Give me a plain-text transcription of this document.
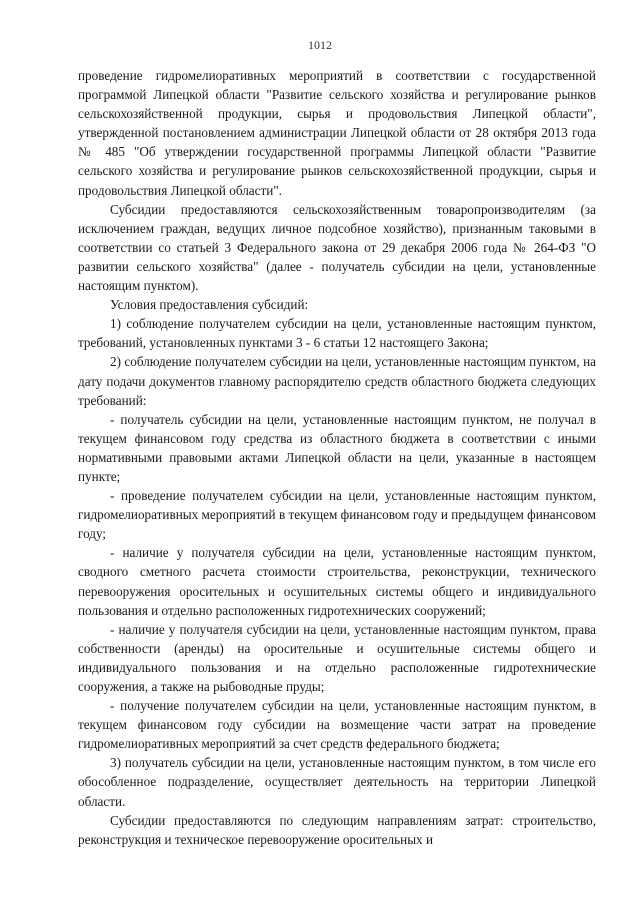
1012

проведение гидромелиоративных мероприятий в соответствии с государственной программой Липецкой области "Развитие сельского хозяйства и регулирование рынков сельскохозяйственной продукции, сырья и продовольствия Липецкой области", утвержденной постановлением администрации Липецкой области от 28 октября 2013 года № 485 "Об утверждении государственной программы Липецкой области "Развитие сельского хозяйства и регулирование рынков сельскохозяйственной продукции, сырья и продовольствия Липецкой области".

Субсидии предоставляются сельскохозяйственным товаропроизводителям (за исключением граждан, ведущих личное подсобное хозяйство), признанным таковыми в соответствии со статьей 3 Федерального закона от 29 декабря 2006 года № 264-ФЗ "О развитии сельского хозяйства" (далее - получатель субсидии на цели, установленные настоящим пунктом).

Условия предоставления субсидий:

1) соблюдение получателем субсидии на цели, установленные настоящим пунктом, требований, установленных пунктами 3 - 6 статьи 12 настоящего Закона;

2) соблюдение получателем субсидии на цели, установленные настоящим пунктом, на дату подачи документов главному распорядителю средств областного бюджета следующих требований:

- получатель субсидии на цели, установленные настоящим пунктом, не получал в текущем финансовом году средства из областного бюджета в соответствии с иными нормативными правовыми актами Липецкой области на цели, указанные в настоящем пункте;

- проведение получателем субсидии на цели, установленные настоящим пунктом, гидромелиоративных мероприятий в текущем финансовом году и предыдущем финансовом году;

- наличие у получателя субсидии на цели, установленные настоящим пунктом, сводного сметного расчета стоимости строительства, реконструкции, технического перевооружения оросительных и осушительных системы общего и индивидуального пользования и отдельно расположенных гидротехнических сооружений;

- наличие у получателя субсидии на цели, установленные настоящим пунктом, права собственности (аренды) на оросительные и осушительные системы общего и индивидуального пользования и на отдельно расположенные гидротехнические сооружения, а также на рыбоводные пруды;

- получение получателем субсидии на цели, установленные настоящим пунктом, в текущем финансовом году субсидии на возмещение части затрат на проведение гидромелиоративных мероприятий за счет средств федерального бюджета;

3) получатель субсидии на цели, установленные настоящим пунктом, в том числе его обособленное подразделение, осуществляет деятельность на территории Липецкой области.

Субсидии предоставляются по следующим направлениям затрат: строительство, реконструкция и техническое перевооружение оросительных и
